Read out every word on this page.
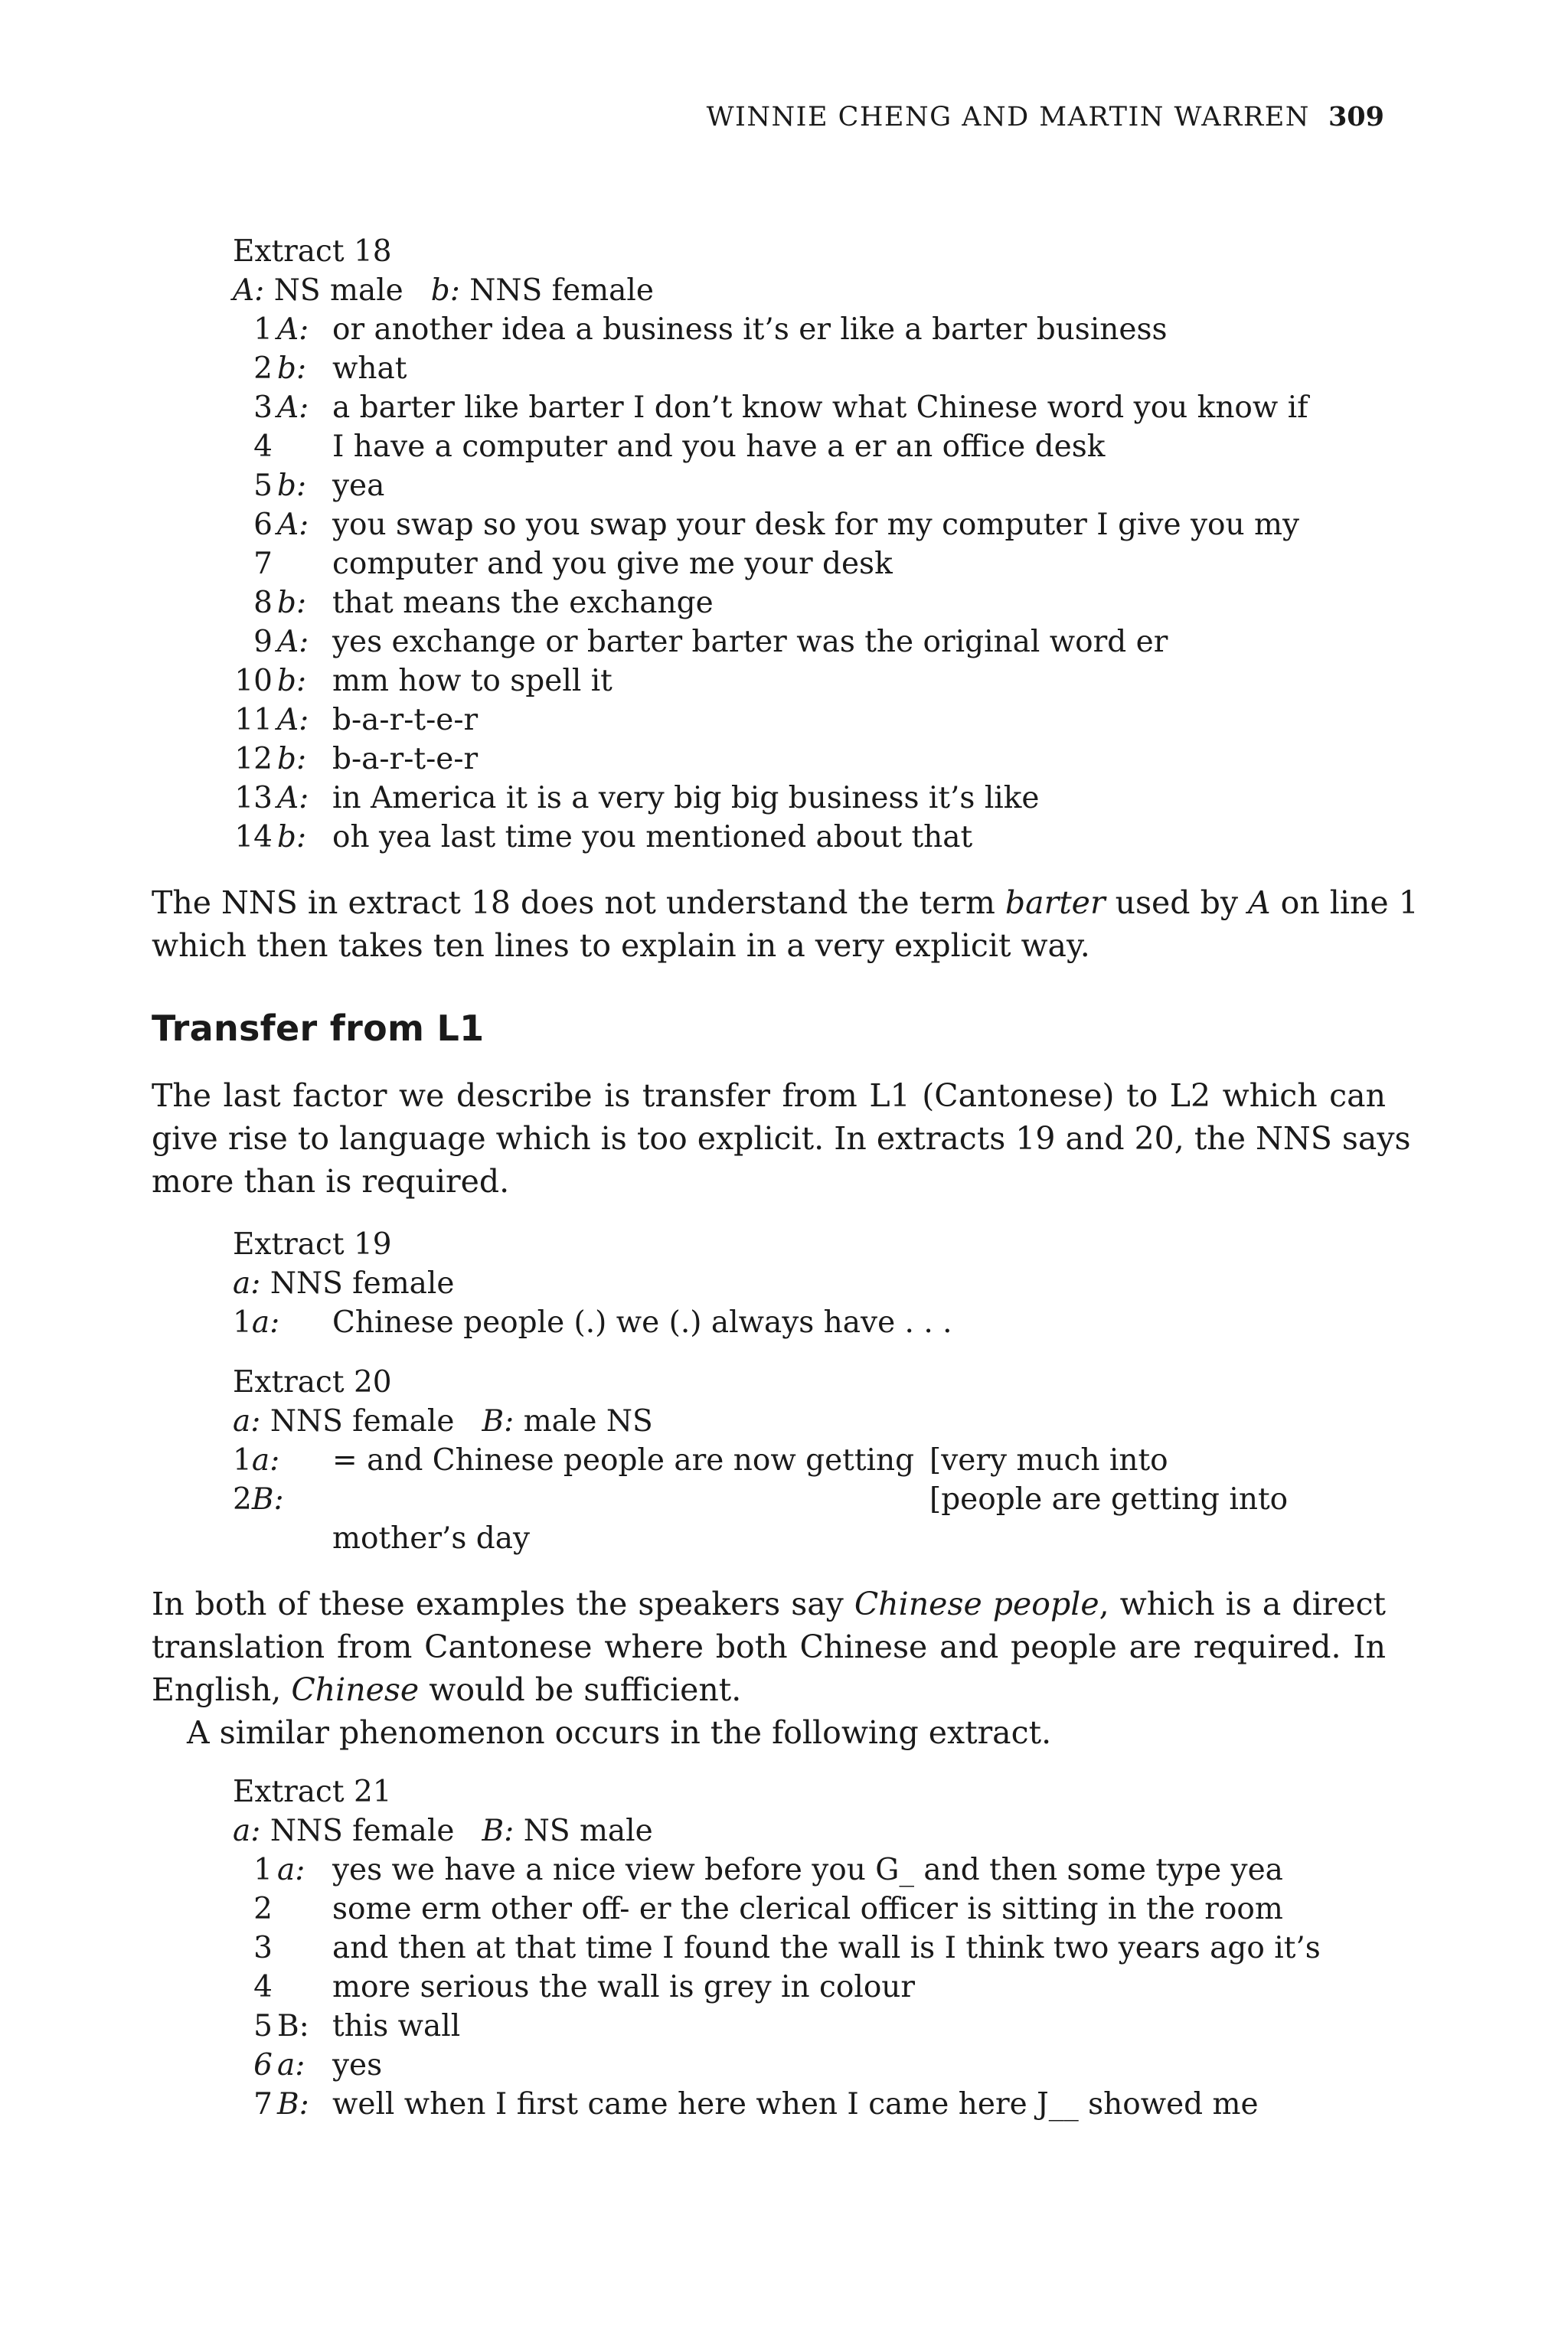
WINNIE CHENG AND MARTIN WARREN 309
Extract 18
A: NS male b: NNS female
1 A: or another idea a business it’s er like a barter business
2 b: what
3 A: a barter like barter I don’t know what Chinese word you know if
4 I have a computer and you have a er an office desk
5 b: yea
6 A: you swap so you swap your desk for my computer I give you my
7 computer and you give me your desk
8 b: that means the exchange
9 A: yes exchange or barter barter was the original word er
10 b: mm how to spell it
11 A: b-a-r-t-e-r
12 b: b-a-r-t-e-r
13 A: in America it is a very big big business it’s like
14 b: oh yea last time you mentioned about that
The NNS in extract 18 does not understand the term barter used by A on line 1
which then takes ten lines to explain in a very explicit way.
Transfer from L1
The last factor we describe is transfer from L1 (Cantonese) to L2 which can
give rise to language which is too explicit. In extracts 19 and 20, the NNS says
more than is required.
Extract 19
a: NNS female
1a: Chinese people (.) we (.) always have . . .
Extract 20
a: NNS female B: male NS
1a: = and Chinese people are now getting [very much into
2B:	[people are getting into
mother’s day
In both of these examples the speakers say Chinese people, which is a direct
translation from Cantonese where both Chinese and people are required. In
English, Chinese would be sufficient.
A similar phenomenon occurs in the following extract.
Extract 21
a: NNS female B: NS male
1 a: yes we have a nice view before you G_ and then some type yea
2 some erm other off- er the clerical officer is sitting in the room
3 and then at that time I found the wall is I think two years ago it’s
4 more serious the wall is grey in colour
5 B: this wall
6 a: yes
7 B: well when I first came here when I came here J__ showed me
